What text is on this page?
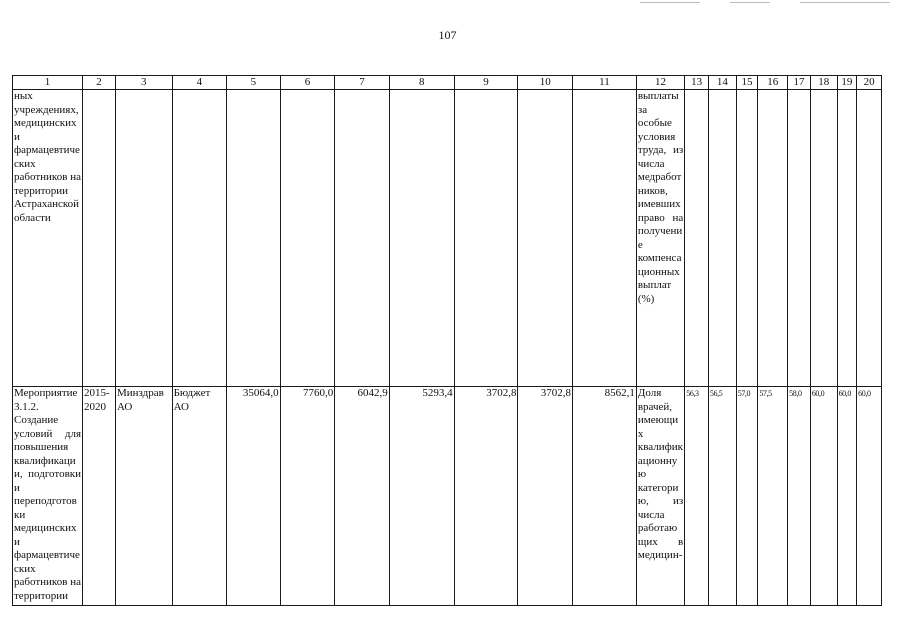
107
1	2	3	4	5	6	7	8	9	10	11	12	13	14	15	16	17	18	19	20
ных учреждениях, медицинских и фармацевтических работников на территории Астраханской области											выплаты за особые условия труда, из числа медработников, имевших право на получение компенсационных выплат (%)								
Мероприятие 3.1.2. Создание условий для повышения квалификации, подготовки и переподготовки медицинских и фармацевтических работников на территории	2015-2020	Минздрав АО	Бюджет АО	35064,0	7760,0	6042,9	5293,4	3702,8	3702,8	8562,1	Доля врачей, имеющих квалификационную категорию, из числа работающих в медицин-	56,3	56,5	57,0	57,5	58,0	60,0	60,0	60,0
